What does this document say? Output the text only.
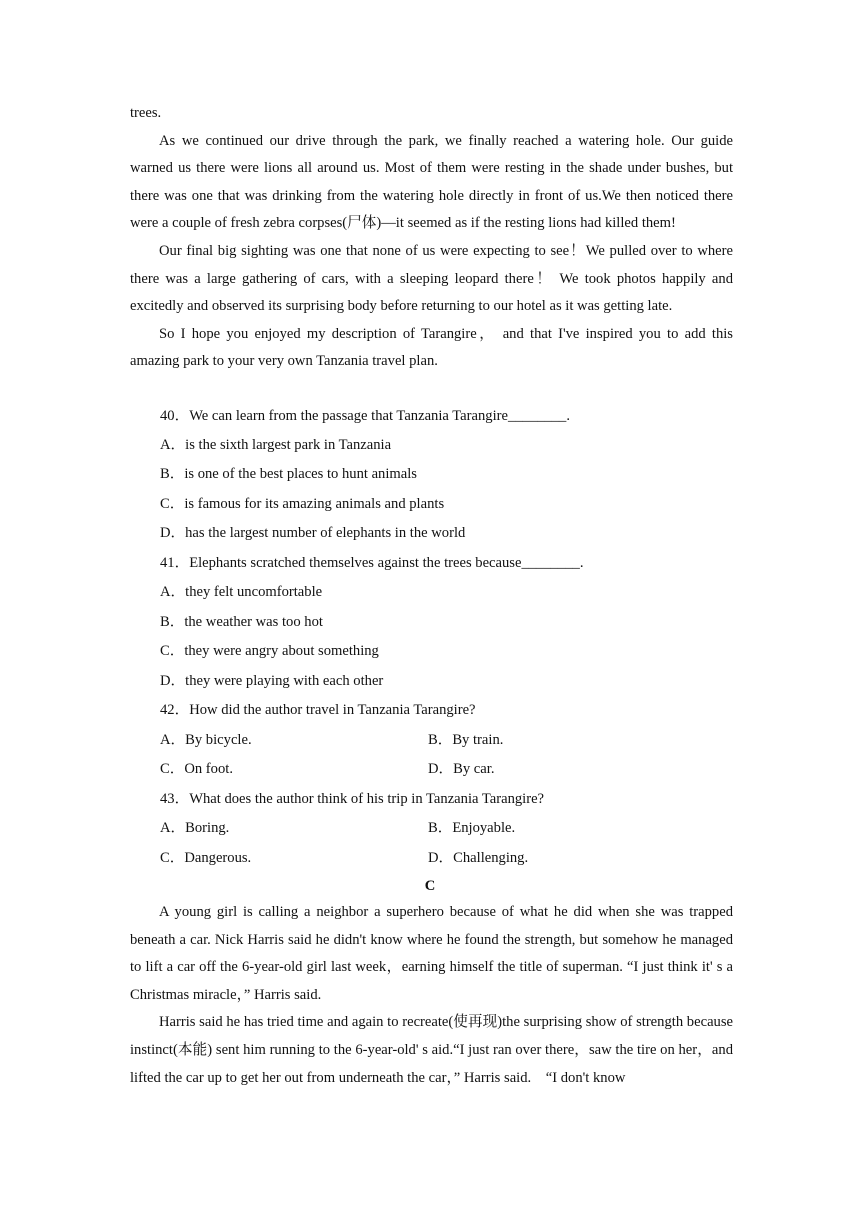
trees.

As we continued our drive through the park, we finally reached a watering hole. Our guide warned us there were lions all around us. Most of them were resting in the shade under bushes, but there was one that was drinking from the watering hole directly in front of us.We then noticed there were a couple of fresh zebra corpses(尸体)—it seemed as if the resting lions had killed them!

Our final big sighting was one that none of us were expecting to see！We pulled over to where there was a large gathering of cars, with a sleeping leopard there！ We took photos happily and excitedly and observed its surprising body before returning to our hotel as it was getting late.

So I hope you enjoyed my description of Tarangire， and that I've inspired you to add this amazing park to your very own Tanzania travel plan.

40．We can learn from the passage that Tanzania Tarangire________.
A．is the sixth largest park in Tanzania
B．is one of the best places to hunt animals
C．is famous for its amazing animals and plants
D．has the largest number of elephants in the world
41．Elephants scratched themselves against the trees because________.
A．they felt uncomfortable
B．the weather was too hot
C．they were angry about something
D．they were playing with each other
42．How did the author travel in Tanzania Tarangire?
A．By bicycle.	B．By train.
C．On foot.	D．By car.
43．What does the author think of his trip in Tanzania Tarangire?
A．Boring.	B．Enjoyable.
C．Dangerous.	D．Challenging.
C

A young girl is calling a neighbor a superhero because of what he did when she was trapped beneath a car. Nick Harris said he didn't know where he found the strength, but somehow he managed to lift a car off the 6-year-old girl last week，earning himself the title of superman. “I just think it' s a Christmas miracle，” Harris said.

Harris said he has tried time and again to recreate(使再现)the surprising show of strength because instinct(本能) sent him running to the 6-year-old' s aid.“I just ran over there，saw the tire on her，and lifted the car up to get her out from underneath the car，” Harris said.　“I don't know
